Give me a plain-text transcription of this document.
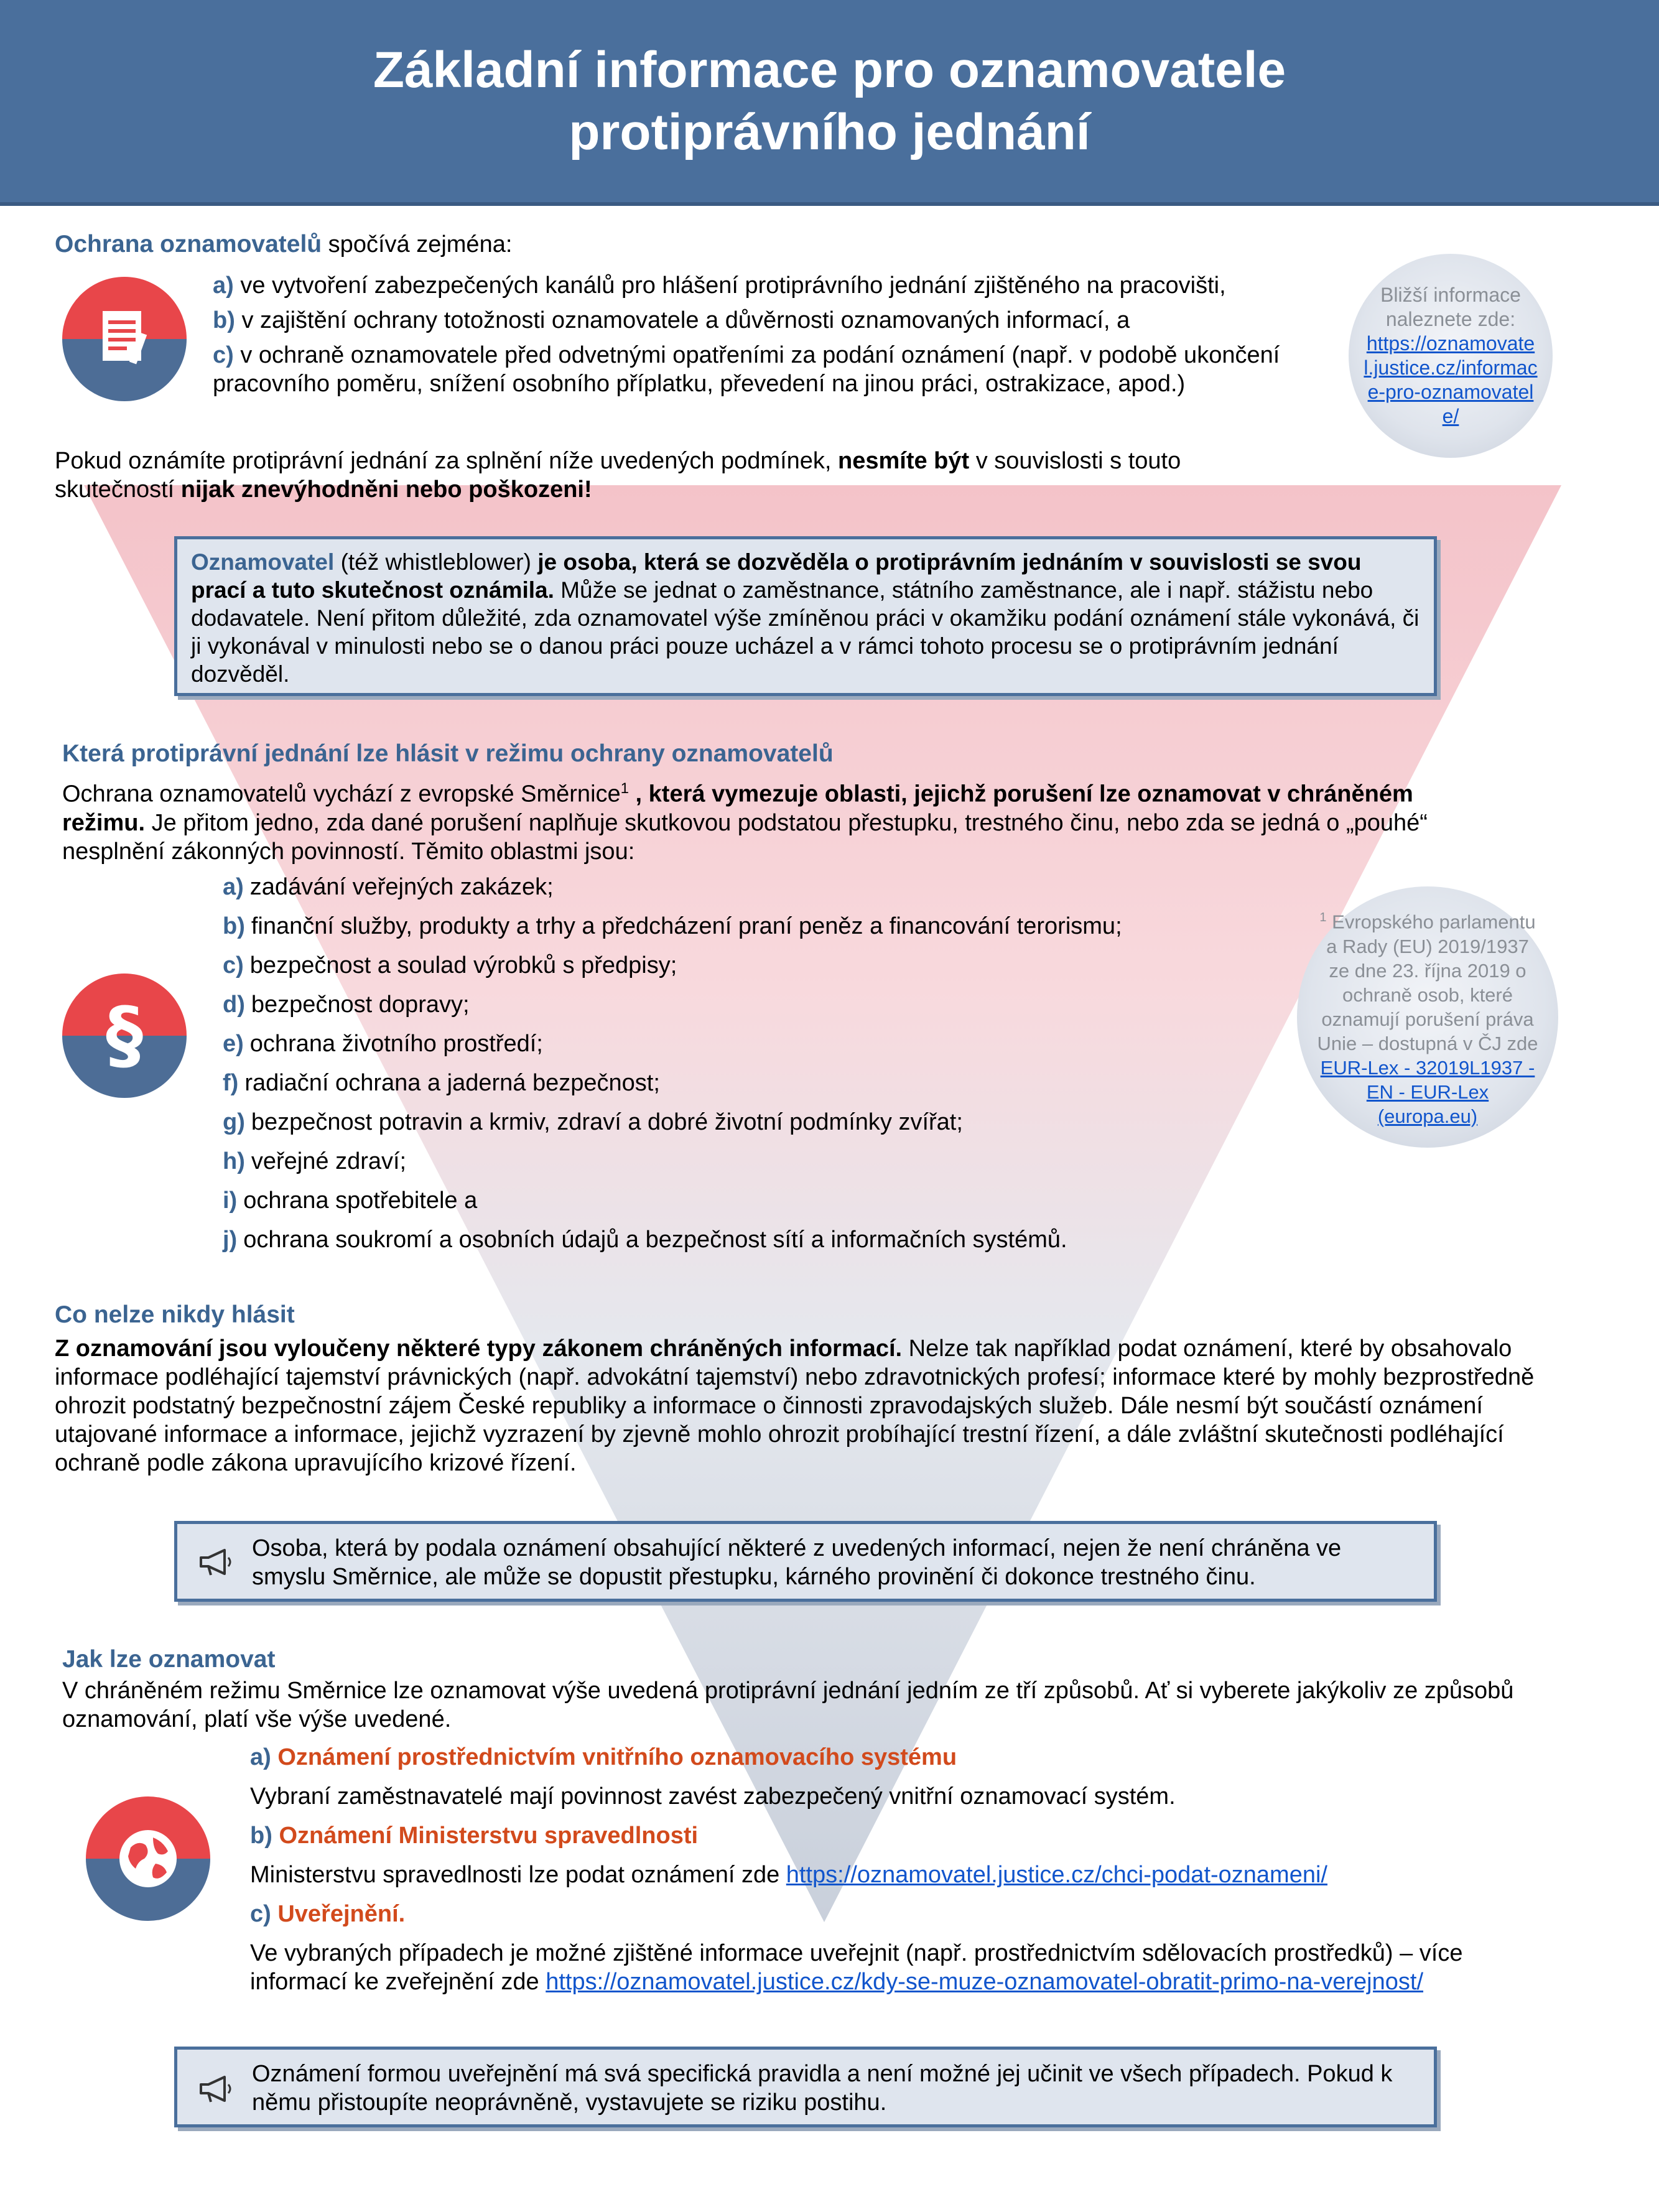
Základní informace pro oznamovatele
protiprávního jednání
Ochrana oznamovatelů spočívá zejména:
a) ve vytvoření zabezpečených kanálů pro hlášení protiprávního jednání zjištěného na pracovišti,
b) v zajištění ochrany totožnosti oznamovatele a důvěrnosti oznamovaných informací, a
c) v ochraně oznamovatele před odvetnými opatřeními za podání oznámení (např. v podobě ukončení pracovního poměru, snížení osobního příplatku, převedení na jinou práci, ostrakizace, apod.)
Pokud oznámíte protiprávní jednání za splnění níže uvedených podmínek, nesmíte být v souvislosti s touto skutečností nijak znevýhodněni nebo poškozeni!
Bližší informace naleznete zde:
https://oznamovatel.justice.cz/informace-pro-oznamovatele/
Oznamovatel (též whistleblower) je osoba, která se dozvěděla o protiprávním jednáním v souvislosti se svou prací a tuto skutečnost oznámila. Může se jednat o zaměstnance, státního zaměstnance, ale i např. stážistu nebo dodavatele. Není přitom důležité, zda oznamovatel výše zmíněnou práci v okamžiku podání oznámení stále vykonává, či ji vykonával v minulosti nebo se o danou práci pouze ucházel a v rámci tohoto procesu se o protiprávním jednání dozvěděl.
Která protiprávní jednání lze hlásit v režimu ochrany oznamovatelů
Ochrana oznamovatelů vychází z evropské Směrnice$^1$ , která vymezuje oblasti, jejichž porušení lze oznamovat v chráněném režimu. Je přitom jedno, zda dané porušení naplňuje skutkovou podstatou přestupku, trestného činu, nebo zda se jedná o „pouhé“ nesplnění zákonných povinností. Těmito oblastmi jsou:
§
a) zadávání veřejných zakázek;
b) finanční služby, produkty a trhy a předcházení praní peněz a financování terorismu;
c) bezpečnost a soulad výrobků s předpisy;
d) bezpečnost dopravy;
e) ochrana životního prostředí;
f) radiační ochrana a jaderná bezpečnost;
g) bezpečnost potravin a krmiv, zdraví a dobré životní podmínky zvířat;
h) veřejné zdraví;
i) ochrana spotřebitele a
j) ochrana soukromí a osobních údajů a bezpečnost sítí a informačních systémů.
$^1$ Evropského parlamentu a Rady (EU) 2019/1937 ze dne 23. října 2019 o ochraně osob, které oznamují porušení práva Unie – dostupná v ČJ zde EUR-Lex - 32019L1937 - EN - EUR-Lex (europa.eu)
Co nelze nikdy hlásit
Z oznamování jsou vyloučeny některé typy zákonem chráněných informací. Nelze tak například podat oznámení, které by obsahovalo informace podléhající tajemství právnických (např. advokátní tajemství) nebo zdravotnických profesí; informace které by mohly bezprostředně ohrozit podstatný bezpečnostní zájem České republiky a informace o činnosti zpravodajských služeb. Dále nesmí být součástí oznámení utajované informace a informace, jejichž vyzrazení by zjevně mohlo ohrozit probíhající trestní řízení, a dále zvláštní skutečnosti podléhající ochraně podle zákona upravujícího krizové řízení.
Osoba, která by podala oznámení obsahující některé z uvedených informací, nejen že není chráněna ve smyslu Směrnice, ale může se dopustit přestupku, kárného provinění či dokonce trestného činu.
Jak lze oznamovat
V chráněném režimu Směrnice lze oznamovat výše uvedená protiprávní jednání jedním ze tří způsobů. Ať si vyberete jakýkoliv ze způsobů oznamování, platí vše výše uvedené.
a) Oznámení prostřednictvím vnitřního oznamovacího systému
Vybraní zaměstnavatelé mají povinnost zavést zabezpečený vnitřní oznamovací systém.
b) Oznámení Ministerstvu spravedlnosti
Ministerstvu spravedlnosti lze podat oznámení zde https://oznamovatel.justice.cz/chci-podat-oznameni/
c) Uveřejnění.
Ve vybraných případech je možné zjištěné informace uveřejnit (např. prostřednictvím sdělovacích prostředků) – více informací ke zveřejnění zde https://oznamovatel.justice.cz/kdy-se-muze-oznamovatel-obratit-primo-na-verejnost/
Oznámení formou uveřejnění má svá specifická pravidla a není možné jej učinit ve všech případech. Pokud k němu přistoupíte neoprávněně, vystavujete se riziku postihu.
